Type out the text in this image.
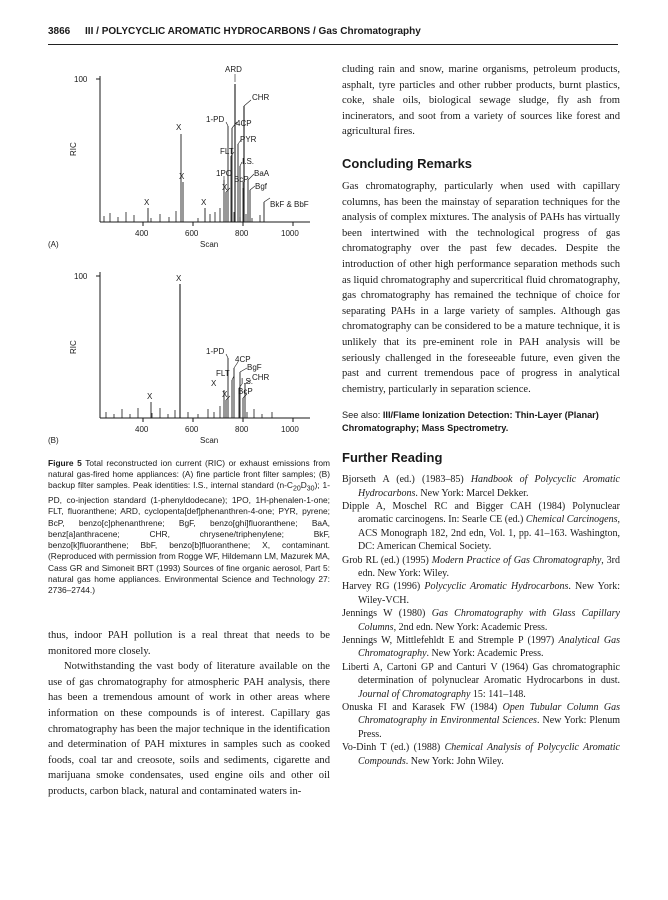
3866 III / POLYCYCLIC AROMATIC HYDROCARBONS / Gas Chromatography
100
RIC
400	600	800	1000
Scan
(A)
ARD
CHR
X
1-PD 4CP
PYR
FLT
I.S.
X	1PO
BcP
BaA
X	Bgf
X	X	BkF & BbF
100
RIC
400	600	800	1000
Scan
(B)
X
1-PD
4CP
BgF
FLT
X	I.S.
CHR
X	X BcP
Figure 5 Total reconstructed ion current (RIC) or exhaust emissions from natural gas-fired home appliances: (A) fine particle front filter samples; (B) backup filter samples. Peak identities: I.S., internal standard $(n-C_{20}D_{30})$; 1-PD, co-injection standard (1-phenyldodecane); 1PO, 1H-phenalen-1-one; FLT, fluoranthene; ARD, cyclopenta[def]phenanthren-4-one; PYR, pyrene; BcP, benzo[c]phenanthrene; BgF, benzo[ghi]fluoranthene; BaA, benz[a]anthracene; CHR, chrysene/triphenylene; BkF, benzo[k]fluoranthene; BbF, benzo[b]fluoranthene; X, contaminant. (Reproduced with permission from Rogge WF, Hildemann LM, Mazurek MA, Cass GR and Simoneit BRT (1993) Sources of fine organic aerosol, Part 5: natural gas home appliances. Environmental Science and Technology 27: 2736–2744.)

thus, indoor PAH pollution is a real threat that needs to be monitored more closely.

Notwithstanding the vast body of literature available on the use of gas chromatography for atmospheric PAH analysis, there has been a tremendous amount of work in other areas where information on these compounds is of interest. Capillary gas chromatography has been the major technique in the identification and determination of PAH mixtures in samples such as cooked foods, coal tar and creosote, soils and sediments, cigarette and marijuana smoke condensates, used engine oils and other oil products, carbon black, natural and contaminated waters in-

cluding rain and snow, marine organisms, petroleum products, asphalt, tyre particles and other rubber products, burnt plastics, coke, shale oils, biological sewage sludge, fly ash from incinerators, and soot from a variety of sources like forest and agricultural fires.

Concluding Remarks

Gas chromatography, particularly when used with capillary columns, has been the mainstay of separation techniques for the analysis of complex mixtures. The analysis of PAHs has virtually been intertwined with the technological progress of gas chromatography over the past few decades. Despite the introduction of other high performance separation methods such as liquid chromatography and supercritical fluid chromatography, gas chromatography has remained the technique of choice for separating PAHs in a large variety of samples. Although gas chromatography can be considered to be a mature technique, it is unlikely that its pre-eminent role in PAH analysis will be seriously challenged in the foreseeable future, even given the past and current tremendous pace of progress in analytical chemistry, particularly in separation science.

See also: III/Flame Ionization Detection: Thin-Layer (Planar) Chromatography; Mass Spectrometry.
Further Reading
Bjorseth A (ed.) (1983–85) Handbook of Polycyclic Aromatic Hydrocarbons. New York: Marcel Dekker.
Dipple A, Moschel RC and Bigger CAH (1984) Polynuclear aromatic carcinogens. In: Searle CE (ed.) Chemical Carcinogens, ACS Monograph 182, 2nd edn, Vol. 1, pp. 41–163. Washington, DC: American Chemical Society.
Grob RL (ed.) (1995) Modern Practice of Gas Chromatography, 3rd edn. New York: Wiley.
Harvey RG (1996) Polycyclic Aromatic Hydrocarbons. New York: Wiley-VCH.
Jennings W (1980) Gas Chromatography with Glass Capillary Columns, 2nd edn. New York: Academic Press.
Jennings W, Mittlefehldt E and Stremple P (1997) Analytical Gas Chromatography. New York: Academic Press.
Liberti A, Cartoni GP and Canturi V (1964) Gas chromatographic determination of polynuclear Aromatic Hydrocarbons in dust. Journal of Chromatography 15: 141–148.
Onuska FI and Karasek FW (1984) Open Tubular Column Gas Chromatography in Environmental Sciences. New York: Plenum Press.
Vo-Dinh T (ed.) (1988) Chemical Analysis of Polycyclic Aromatic Compounds. New York: John Wiley.
